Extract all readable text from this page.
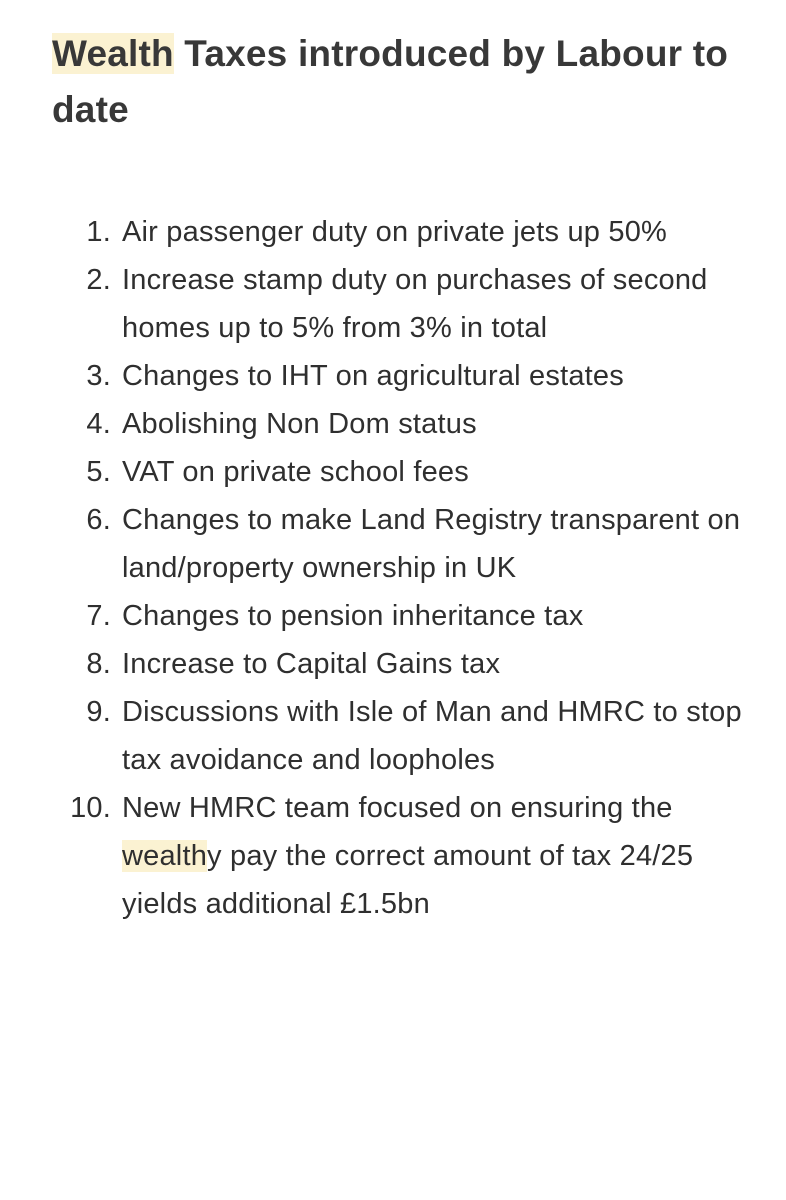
Wealth Taxes introduced by Labour to date
1. Air passenger duty on private jets up 50%
2. Increase stamp duty on purchases of second homes up to 5% from 3% in total
3. Changes to IHT on agricultural estates
4. Abolishing Non Dom status
5. VAT on private school fees
6. Changes to make Land Registry transparent on land/property ownership in UK
7. Changes to pension inheritance tax
8. Increase to Capital Gains tax
9. Discussions with Isle of Man and HMRC to stop tax avoidance and loopholes
10. New HMRC team focused on ensuring the wealthy pay the correct amount of tax 24/25 yields additional £1.5bn
